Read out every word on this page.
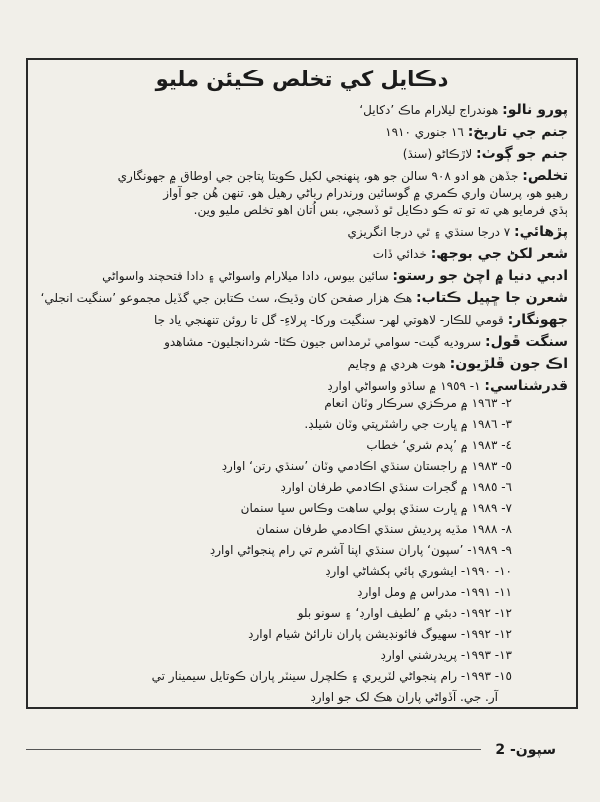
دڪايل کي تخلص ڪيئن مليو
پورو نالو: هوندراج ليلارام ماڪ ’دکايل‘
جنم جي تاريخ: ١٦ جنوري ١٩١٠
جنم جو ڳوٺ: لاڙڪاڻو (سنڌ)
تخلص: جڏهن هو ادو ٩٠٨ سالن جو هو، پنهنجي لکيل ڪويتا پتاجن جي اوطاق ۾ جهونگاري
رهيو هو، پرسان واري ڪمري ۾ گوسائين ورندرام رباڻي رهيل هو. تنهن هُن جو آواز
ٻڌي فرمايو هي ته تو ته ڪو دڪايل ٿو ڏسجي، بس اُتان اهو تخلص مليو وين.
پڙهائي: ٧ درجا سنڌي ۽ ٿي درجا انگريزي
شعر لکڻ جي بوجھ: خدائي ڏات
ادبي دنيا ۾ اچڻ جو رستو: سائين بيوس، دادا ميلارام واسواڻي ۽ دادا فتحچند واسواڻي
شعرن جا ڇپيل ڪتاب: هڪ هزار صفحن کان وڌيڪ، سٺ ڪتابن جي گڏيل مجموعو ’سنگيت انجلي‘
جهونگار: قومي للڪار- لاهوتي لهر- سنگيت ورکا- پرلاءِ- گل تا روئن تنهنجي ياد جا
سنگت ڦول: سروديه گيت- سوامي ٽرمداس جيون ڪٿا- شردانجليون- مشاهدو
اڪ جون ڦلڙيون: هوت هردي ۾ وڄايم
قدرشناسي: ١- ١٩٥٩ ۾ ساڌو واسواڻي اوارڊ
٢- ١٩٦٣ ۾ مرڪزي سرڪار وٽان انعام
٣- ١٩٨٦ ۾ ڀارت جي راشٽرپتي وٽان شيلڊ.
٤- ١٩٨٣ ۾ ’پدم شري‘ خطاب
٥- ١٩٨٣ ۾ راجستان سنڌي اڪادمي وٽان ’سنڌي رتن‘ اوارڊ
٦- ١٩٨٥ ۾ گجرات سنڌي اڪادمي طرفان اوارڊ
٧- ١٩٨٩ ۾ ڀارت سنڌي ٻولي ساهت وڪاس سڀا سنمان
٨- ١٩٨٨ مڌيه پرديش سنڌي اڪادمي طرفان سنمان
٩- ١٩٨٩- ’سپون‘ پاران سنڌي اپنا آشرم تي رام پنجواڻي اوارڊ
١٠- ١٩٩٠- ايشوري ٻائي ٻکشاڻي اوارڊ
١١- ١٩٩١- مدراس ۾ ومل اوارڊ
١٢- ١٩٩٢- دبئي ۾ ’لطيف اوارڊ‘ ۽ سونو بلو
١٢- ١٩٩٢- سهيوگ فائونڊيشن پاران نارائڻ شيام اوارڊ
١٣- ١٩٩٣- پريدرشني اوارڊ
١٥- ١٩٩٣- رام پنجواڻي لٽريري ۽ ڪلچرل سينٽر پاران ڪوتايل سيمينار تي
آر. جي. آڏواڻي پاران هڪ لک جو اوارڊ
سپون- 2
